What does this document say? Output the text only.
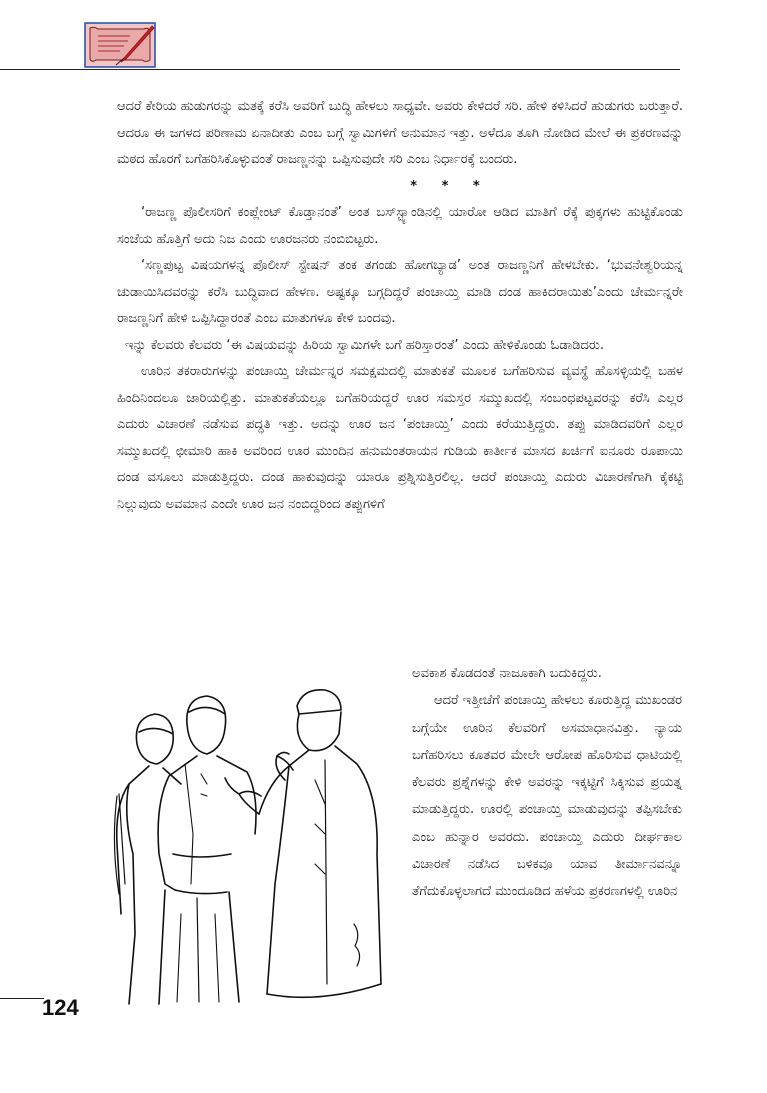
ಆದರೆ ಕೇರಿಯ ಹುಡುಗರನ್ನು ಮತಕ್ಕೆ ಕರೆಸಿ ಅವರಿಗೆ ಬುದ್ಧಿ ಹೇಳಲು ಸಾಧ್ಯವೇ. ಅವರು ಕೇಳಿದರೆ ಸರಿ. ಹೇಳಿ ಕಳಿಸಿದರೆ ಹುಡುಗರು ಬರುತ್ತಾರೆ. ಆದರೂ ಈ ಜಗಳದ ಪರಿಣಾಮ ಏನಾದೀತು ಎಂಬ ಬಗ್ಗೆ ಸ್ವಾಮಿಗಳಿಗೆ ಅನುಮಾನ ಇತ್ತು. ಅಳೆದೂ ತೂಗಿ ನೋಡಿದ ಮೇಲೆ ಈ ಪ್ರಕರಣವನ್ನು ಮಠದ ಹೊರಗೆ ಬಗೆಹರಿಸಿಕೊಳ್ಳುವಂತೆ ರಾಜಣ್ಣನನ್ನು ಒಪ್ಪಿಸುವುದೇ ಸರಿ ಎಂಬ ನಿರ್ಧಾರಕ್ಕೆ ಬಂದರು.

* * *

‘ರಾಜಣ್ಣ ಪೊಲೀಸರಿಗೆ ಕಂಪ್ಲೇಂಟ್ ಕೊಡ್ತಾನಂತೆ’ ಅಂತ ಬಸ್‌ಸ್ಟ್ಯಾಂಡಿನಲ್ಲಿ ಯಾರೋ ಆಡಿದ ಮಾತಿಗೆ ರೆಕ್ಕೆ ಪುಕ್ಕಗಳು ಹುಟ್ಟಿಕೊಂಡು ಸಂಜೆಯ ಹೊತ್ತಿಗೆ ಅದು ನಿಜ ಎಂದು ಊರಜನರು ನಂಬಿಬಿಟ್ಟರು.

‘ಸಣ್ಣಪುಟ್ಟ ವಿಷಯಗಳನ್ನ ಪೊಲೀಸ್ ಸ್ಟೇಷನ್ ತಂಕ ತಗಂಡು ಹೋಗಬ್ಯಾಡ’ ಅಂತ ರಾಜಣ್ಣನಿಗೆ ಹೇಳಬೇಕು. ‘ಭುವನೇಶ್ವರಿಯನ್ನ ಚುಡಾಯಿಸಿದವರನ್ನು ಕರೆಸಿ ಬುದ್ಧಿವಾದ ಹೇಳಣ. ಅಷ್ಟಕ್ಕೂ ಬಗ್ಗದಿದ್ದರೆ ಪಂಚಾಯ್ತಿ ಮಾಡಿ ದಂಡ ಹಾಕಿದರಾಯಿತು’ಎಂದು ಚೇರ್ಮನ್ನರೇ ರಾಜಣ್ಣನಿಗೆ ಹೇಳಿ ಒಪ್ಪಿಸಿದ್ದಾರಂತೆ ಎಂಬ ಮಾತುಗಳೂ ಕೇಳಿ ಬಂದವು.

ಇನ್ನು ಕೆಲವರು ಕೆಲವರು ‘ಈ ವಿಷಯವನ್ನು ಹಿರಿಯ ಸ್ವಾಮಿಗಳೇ ಬಗೆ ಹರಿಸ್ತಾರಂತೆ’ ಎಂದು ಹೇಳಿಕೊಂಡು ಓಡಾಡಿದರು.

ಊರಿನ ತಕರಾರುಗಳನ್ನು ಪಂಚಾಯ್ತಿ ಚೇರ್ಮನ್ನರ ಸಮಕ್ಷಮದಲ್ಲಿ ಮಾತುಕತೆ ಮೂಲಕ ಬಗೆಹರಿಸುವ ವ್ಯವಸ್ಥೆ ಹೊಸಳ್ಳಿಯಲ್ಲಿ ಬಹಳ ಹಿಂದಿನಿಂದಲೂ ಜಾರಿಯಲ್ಲಿತ್ತು. ಮಾತುಕತೆಯಲ್ಲೂ ಬಗೆಹರಿಯದ್ದರೆ ಊರ ಸಮಸ್ತರ ಸಮ್ಮುಖದಲ್ಲಿ ಸಂಬಂಧಪಟ್ಟವರನ್ನು ಕರೆಸಿ ಎಲ್ಲರ ಎದುರು ವಿಚಾರಣೆ ನಡೆಸುವ ಪದ್ಧತಿ ಇತ್ತು. ಅದನ್ನು ಊರ ಜನ ‘ಪಂಚಾಯ್ತಿ’ ಎಂದು ಕರೆಯುತ್ತಿದ್ದರು. ತಪ್ಪು ಮಾಡಿದವರಿಗೆ ಎಲ್ಲರ ಸಮ್ಮುಖದಲ್ಲಿ ಛೀಮಾರಿ ಹಾಕಿ ಅವರಿಂದ ಊರ ಮುಂದಿನ ಹನುಮಂತರಾಯನ ಗುಡಿಯ ಕಾರ್ತೀಕ ಮಾಸದ ಖರ್ಚಿಗೆ ಐನೂರು ರೂಪಾಯಿ ದಂಡ ವಸೂಲು ಮಾಡುತ್ತಿದ್ದರು. ದಂಡ ಹಾಕುವುದನ್ನು ಯಾರೂ ಪ್ರಶ್ನಿಸುತ್ತಿರಲಿಲ್ಲ. ಆದರೆ ಪಂಚಾಯ್ತಿ ಎದುರು ವಿಚಾರಣೆಗಾಗಿ ಕೈಕಟ್ಟಿ ನಿಲ್ಲುವುದು ಅವಮಾನ ಎಂದೇ ಊರ ಜನ ನಂಬಿದ್ದರಿಂದ ತಪ್ಪುಗಳಿಗೆ

ಅವಕಾಶ ಕೊಡದಂತೆ ನಾಜೂಕಾಗಿ ಬದುಕಿದ್ದರು.

ಆದರೆ ಇತ್ತೀಚೆಗೆ ಪಂಚಾಯ್ತಿ ಹೇಳಲು ಕೂರುತ್ತಿದ್ದ ಮುಖಂಡರ ಬಗ್ಗೆಯೇ ಊರಿನ ಕೆಲವರಿಗೆ ಅಸಮಾಧಾನವಿತ್ತು. ನ್ಯಾಯ ಬಗೆಹರಿಸಲು ಕೂತವರ ಮೇಲೇ ಆರೋಪ ಹೊರಿಸುವ ಧಾಟಿಯಲ್ಲಿ ಕೆಲವರು ಪ್ರಶ್ನೆಗಳನ್ನು ಕೇಳಿ ಅವರನ್ನು ಇಕ್ಕಟ್ಟಿಗೆ ಸಿಕ್ಕಿಸುವ ಪ್ರಯತ್ನ ಮಾಡುತ್ತಿದ್ದರು. ಊರಲ್ಲಿ ಪಂಚಾಯ್ತಿ ಮಾಡುವುದನ್ನು ತಪ್ಪಿಸಬೇಕು ಎಂಬ ಹುನ್ನಾರ ಅವರದು. ಪಂಚಾಯ್ತಿ ಎದುರು ದೀರ್ಘಕಾಲ ವಿಚಾರಣೆ ನಡೆಸಿದ ಬಳಿಕವೂ ಯಾವ ತೀರ್ಮಾನವನ್ನೂ ತೆಗೆದುಕೊಳ್ಳಲಾಗದೆ ಮುಂದೂಡಿದ ಹಳೆಯ ಪ್ರಕರಣಗಳಲ್ಲಿ ಊರಿನ

124
